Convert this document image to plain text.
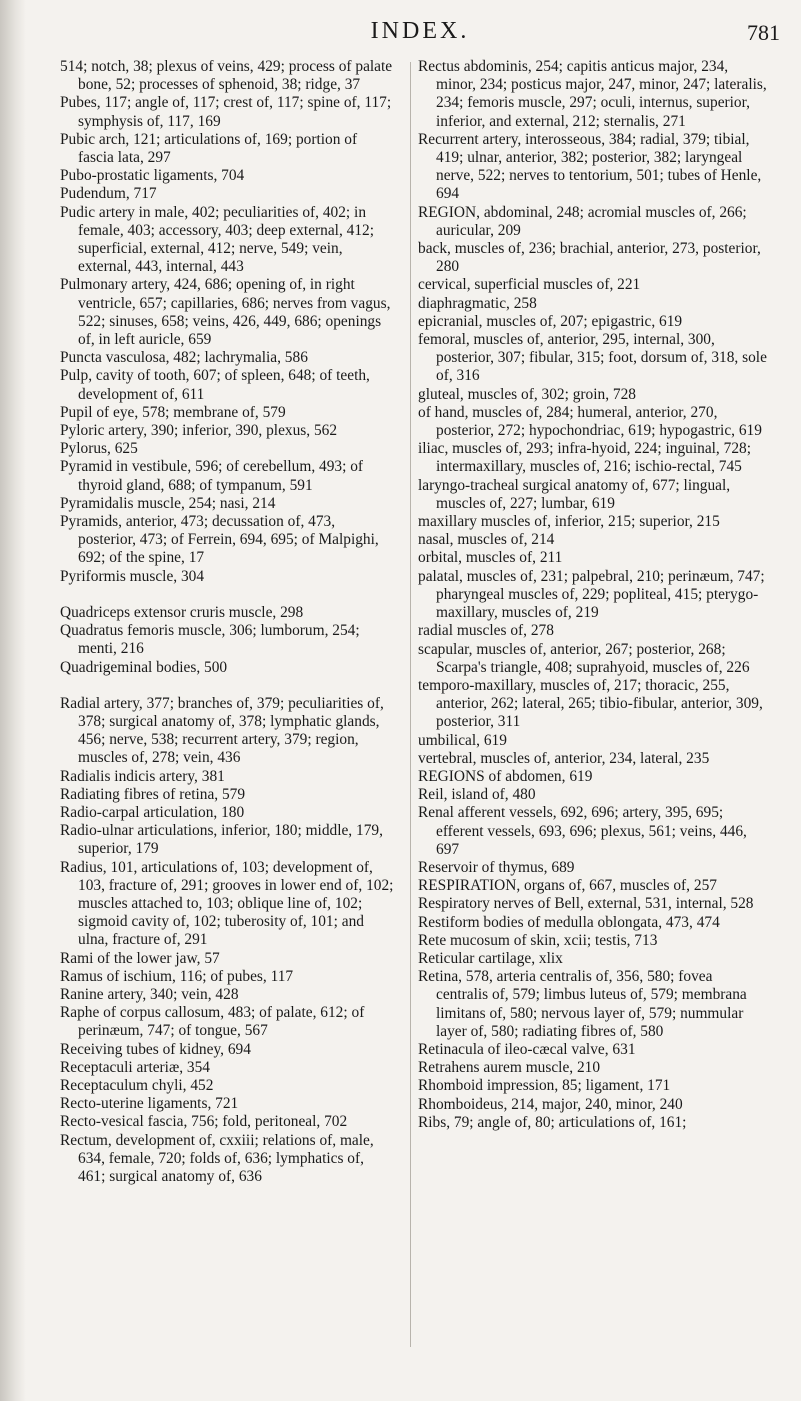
INDEX.	781

514; notch, 38; plexus of veins, 429; process of palate bone, 52; processes of sphenoid, 38; ridge, 37

Pubes, 117; angle of, 117; crest of, 117; spine of, 117; symphysis of, 117, 169

Pubic arch, 121; articulations of, 169; portion of fascia lata, 297

Pubo-prostatic ligaments, 704

Pudendum, 717

Pudic artery in male, 402; peculiarities of, 402; in female, 403; accessory, 403; deep external, 412; superficial, external, 412; nerve, 549; vein, external, 443, internal, 443

Pulmonary artery, 424, 686; opening of, in right ventricle, 657; capillaries, 686; nerves from vagus, 522; sinuses, 658; veins, 426, 449, 686; openings of, in left auricle, 659

Puncta vasculosa, 482; lachrymalia, 586

Pulp, cavity of tooth, 607; of spleen, 648; of teeth, development of, 611

Pupil of eye, 578; membrane of, 579

Pyloric artery, 390; inferior, 390, plexus, 562

Pylorus, 625

Pyramid in vestibule, 596; of cerebellum, 493; of thyroid gland, 688; of tympanum, 591

Pyramidalis muscle, 254; nasi, 214

Pyramids, anterior, 473; decussation of, 473, posterior, 473; of Ferrein, 694, 695; of Malpighi, 692; of the spine, 17

Pyriformis muscle, 304

Quadriceps extensor cruris muscle, 298

Quadratus femoris muscle, 306; lumborum, 254; menti, 216

Quadrigeminal bodies, 500

Radial artery, 377; branches of, 379; peculiarities of, 378; surgical anatomy of, 378; lymphatic glands, 456; nerve, 538; recurrent artery, 379; region, muscles of, 278; vein, 436

Radialis indicis artery, 381

Radiating fibres of retina, 579

Radio-carpal articulation, 180

Radio-ulnar articulations, inferior, 180; middle, 179, superior, 179

Radius, 101, articulations of, 103; development of, 103, fracture of, 291; grooves in lower end of, 102; muscles attached to, 103; oblique line of, 102; sigmoid cavity of, 102; tuberosity of, 101; and ulna, fracture of, 291

Rami of the lower jaw, 57

Ramus of ischium, 116; of pubes, 117

Ranine artery, 340; vein, 428

Raphe of corpus callosum, 483; of palate, 612; of perinæum, 747; of tongue, 567

Receiving tubes of kidney, 694

Receptaculi arteriæ, 354

Receptaculum chyli, 452

Recto-uterine ligaments, 721

Recto-vesical fascia, 756; fold, peritoneal, 702

Rectum, development of, cxxiii; relations of, male, 634, female, 720; folds of, 636; lymphatics of, 461; surgical anatomy of, 636

Rectus abdominis, 254; capitis anticus major, 234, minor, 234; posticus major, 247, minor, 247; lateralis, 234; femoris muscle, 297; oculi, internus, superior, inferior, and external, 212; sternalis, 271

Recurrent artery, interosseous, 384; radial, 379; tibial, 419; ulnar, anterior, 382; posterior, 382; laryngeal nerve, 522; nerves to tentorium, 501; tubes of Henle, 694

REGION, abdominal, 248; acromial muscles of, 266; auricular, 209

back, muscles of, 236; brachial, anterior, 273, posterior, 280

cervical, superficial muscles of, 221

diaphragmatic, 258

epicranial, muscles of, 207; epigastric, 619

femoral, muscles of, anterior, 295, internal, 300, posterior, 307; fibular, 315; foot, dorsum of, 318, sole of, 316

gluteal, muscles of, 302; groin, 728

of hand, muscles of, 284; humeral, anterior, 270, posterior, 272; hypochondriac, 619; hypogastric, 619

iliac, muscles of, 293; infra-hyoid, 224; inguinal, 728; intermaxillary, muscles of, 216; ischio-rectal, 745

laryngo-tracheal surgical anatomy of, 677; lingual, muscles of, 227; lumbar, 619

maxillary muscles of, inferior, 215; superior, 215

nasal, muscles of, 214

orbital, muscles of, 211

palatal, muscles of, 231; palpebral, 210; perinæum, 747; pharyngeal muscles of, 229; popliteal, 415; pterygo-maxillary, muscles of, 219

radial muscles of, 278

scapular, muscles of, anterior, 267; posterior, 268; Scarpa's triangle, 408; suprahyoid, muscles of, 226

temporo-maxillary, muscles of, 217; thoracic, 255, anterior, 262; lateral, 265; tibio-fibular, anterior, 309, posterior, 311

umbilical, 619

vertebral, muscles of, anterior, 234, lateral, 235

REGIONS of abdomen, 619

Reil, island of, 480

Renal afferent vessels, 692, 696; artery, 395, 695; efferent vessels, 693, 696; plexus, 561; veins, 446, 697

Reservoir of thymus, 689

RESPIRATION, organs of, 667, muscles of, 257

Respiratory nerves of Bell, external, 531, internal, 528

Restiform bodies of medulla oblongata, 473, 474

Rete mucosum of skin, xcii; testis, 713

Reticular cartilage, xlix

Retina, 578, arteria centralis of, 356, 580; fovea centralis of, 579; limbus luteus of, 579; membrana limitans of, 580; nervous layer of, 579; nummular layer of, 580; radiating fibres of, 580

Retinacula of ileo-cæcal valve, 631

Retrahens aurem muscle, 210

Rhomboid impression, 85; ligament, 171

Rhomboideus, 214, major, 240, minor, 240

Ribs, 79; angle of, 80; articulations of, 161;
